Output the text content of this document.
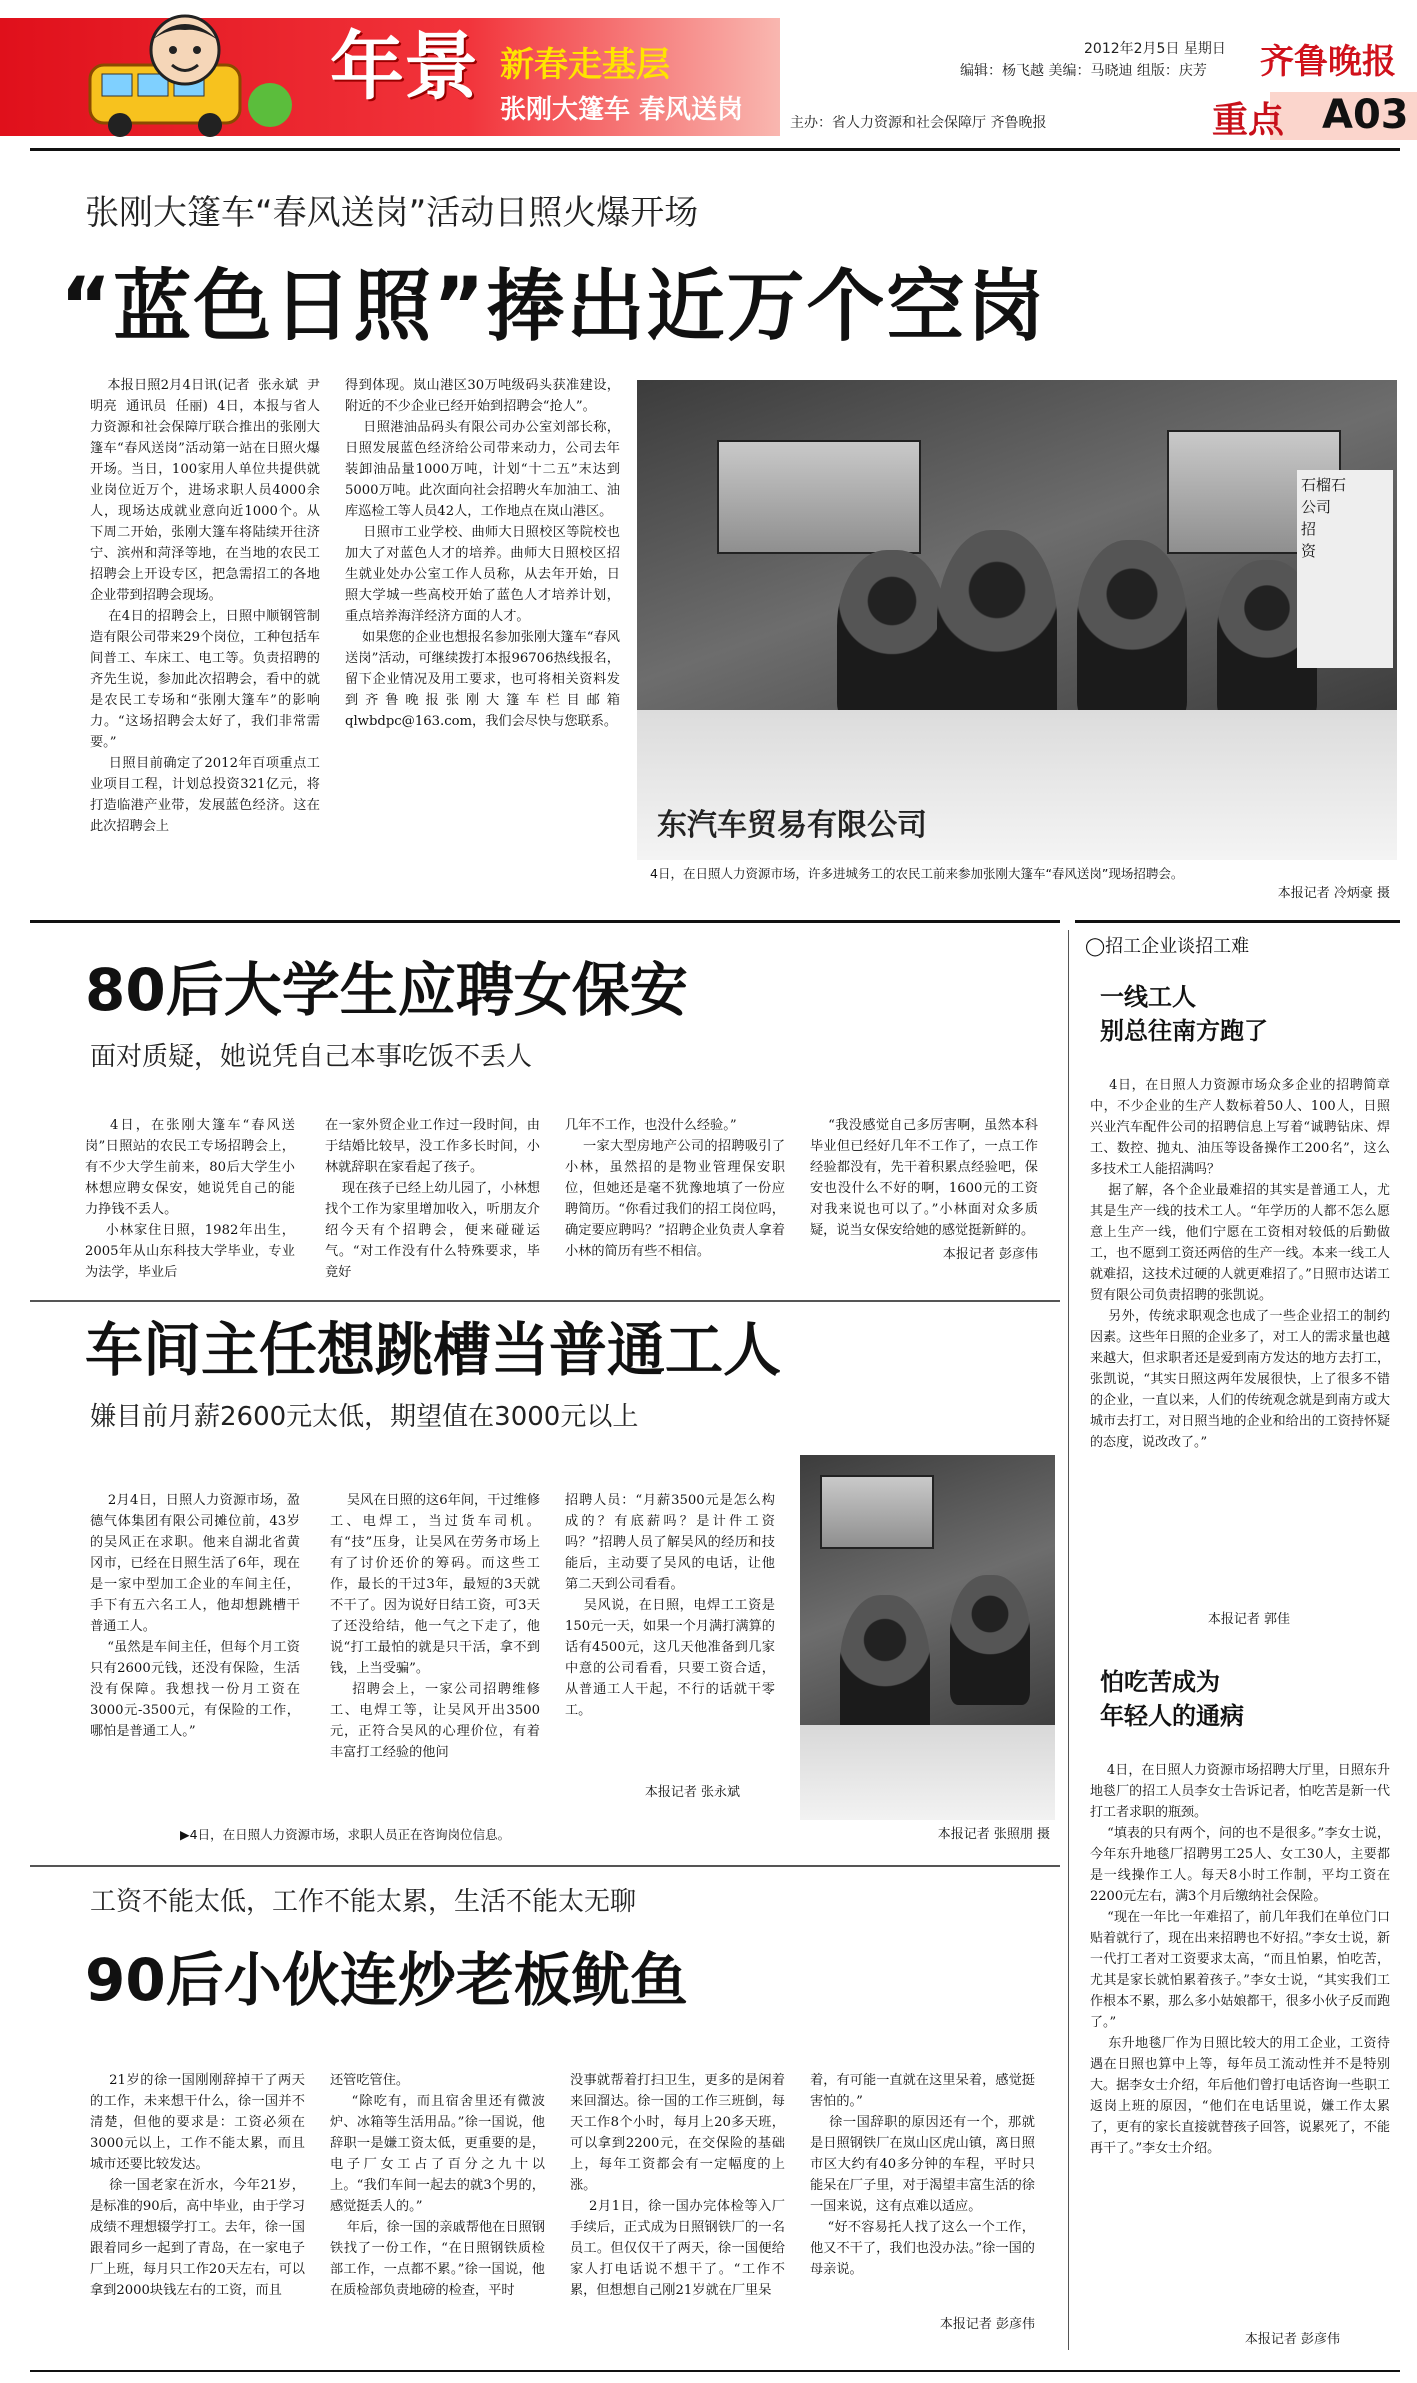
年景 新春走基层
张刚大篷车 春风送岗	主办：省人力资源和社会保障厅 齐鲁晚报
2012年2月5日 星期日
编辑：杨飞越 美编：马晓迪 组版：庆芳 齐鲁晚报
重点 A03
张刚大篷车“春风送岗”活动日照火爆开场
“蓝色日照”捧出近万个空岗
本报日照2月4日讯(记者  张永斌  尹明亮  通讯员  任丽)  4日，本报与省人力资源和社会保障厅联合推出的张刚大篷车“春风送岗”活动第一站在日照火爆开场。当日，100家用人单位共提供就业岗位近万个，进场求职人员4000余人，现场达成就业意向近1000个。从下周二开始，张刚大篷车将陆续开往济宁、滨州和菏泽等地，在当地的农民工招聘会上开设专区，把急需招工的各地企业带到招聘会现场。
在4日的招聘会上，日照中顺钢管制造有限公司带来29个岗位，工种包括车间普工、车床工、电工等。负责招聘的齐先生说，参加此次招聘会，看中的就是农民工专场和“张刚大篷车”的影响力。“这场招聘会太好了，我们非常需要。”
日照目前确定了2012年百项重点工业项目工程，计划总投资321亿元，将打造临港产业带，发展蓝色经济。这在此次招聘会上
得到体现。岚山港区30万吨级码头获准建设，附近的不少企业已经开始到招聘会“抢人”。
日照港油品码头有限公司办公室刘部长称，日照发展蓝色经济给公司带来动力，公司去年装卸油品量1000万吨，计划“十二五”末达到5000万吨。此次面向社会招聘火车加油工、油库巡检工等人员42人，工作地点在岚山港区。
日照市工业学校、曲师大日照校区等院校也加大了对蓝色人才的培养。曲师大日照校区招生就业处办公室工作人员称，从去年开始，日照大学城一些高校开始了蓝色人才培养计划，重点培养海洋经济方面的人才。
如果您的企业也想报名参加张刚大篷车“春风送岗”活动，可继续拨打本报96706热线报名，留下企业情况及用工要求，也可将相关资料发到齐鲁晚报张刚大篷车栏目邮箱qlwbdpc@163.com，我们会尽快与您联系。
东汽车贸易有限公司
石榴石
公司
招
资
4日，在日照人力资源市场，许多进城务工的农民工前来参加张刚大篷车“春风送岗”现场招聘会。
本报记者 冷炳豪 摄
80后大学生应聘女保安
面对质疑，她说凭自己本事吃饭不丢人
4日，在张刚大篷车“春风送岗”日照站的农民工专场招聘会上，有不少大学生前来，80后大学生小林想应聘女保安，她说凭自己的能力挣钱不丢人。
小林家住日照，1982年出生，2005年从山东科技大学毕业，专业为法学，毕业后
在一家外贸企业工作过一段时间，由于结婚比较早，没工作多长时间，小林就辞职在家看起了孩子。
现在孩子已经上幼儿园了，小林想找个工作为家里增加收入，听朋友介绍今天有个招聘会，便来碰碰运气。“对工作没有什么特殊要求，毕竟好
几年不工作，也没什么经验。”
一家大型房地产公司的招聘吸引了小林，虽然招的是物业管理保安职位，但她还是毫不犹豫地填了一份应聘简历。“你看过我们的招工岗位吗，确定要应聘吗？”招聘企业负责人拿着小林的简历有些不相信。
“我没感觉自己多厉害啊，虽然本科毕业但已经好几年不工作了，一点工作经验都没有，先干着积累点经验吧，保安也没什么不好的啊，1600元的工资对我来说也可以了。”小林面对众多质疑，说当女保安给她的感觉挺新鲜的。
本报记者 彭彦伟
车间主任想跳槽当普通工人
嫌目前月薪2600元太低，期望值在3000元以上
2月4日，日照人力资源市场，盈德气体集团有限公司摊位前，43岁的吴风正在求职。他来自湖北省黄冈市，已经在日照生活了6年，现在是一家中型加工企业的车间主任，手下有五六名工人，他却想跳槽干普通工人。
“虽然是车间主任，但每个月工资只有2600元钱，还没有保险，生活没有保障。我想找一份月工资在3000元-3500元，有保险的工作，哪怕是普通工人。”
吴风在日照的这6年间，干过维修工、电焊工，当过货车司机。有“技”压身，让吴风在劳务市场上有了讨价还价的筹码。而这些工作，最长的干过3年，最短的3天就不干了。因为说好日结工资，可3天了还没给结，他一气之下走了，他说“打工最怕的就是只干活，拿不到钱，上当受骗”。
招聘会上，一家公司招聘维修工、电焊工等，让吴风开出3500元，正符合吴风的心理价位，有着丰富打工经验的他问
招聘人员：“月薪3500元是怎么构成的？有底薪吗？是计件工资吗？”招聘人员了解吴风的经历和技能后，主动要了吴风的电话，让他第二天到公司看看。
吴风说，在日照，电焊工工资是150元一天，如果一个月满打满算的话有4500元，这几天他准备到几家中意的公司看看，只要工资合适，从普通工人干起，不行的话就干零工。
本报记者 张永斌
▶4日，在日照人力资源市场，求职人员正在咨询岗位信息。	本报记者 张照朋 摄
工资不能太低，工作不能太累，生活不能太无聊
90后小伙连炒老板鱿鱼
21岁的徐一国刚刚辞掉干了两天的工作，未来想干什么，徐一国并不清楚，但他的要求是：工资必须在3000元以上，工作不能太累，而且城市还要比较发达。
徐一国老家在沂水，今年21岁，是标准的90后，高中毕业，由于学习成绩不理想辍学打工。去年，徐一国跟着同乡一起到了青岛，在一家电子厂上班，每月只工作20天左右，可以拿到2000块钱左右的工资，而且
还管吃管住。
“除吃有，而且宿舍里还有微波炉、冰箱等生活用品。”徐一国说，他辞职一是嫌工资太低，更重要的是，电子厂女工占了百分之九十以上。“我们车间一起去的就3个男的，感觉挺丢人的。”
年后，徐一国的亲戚帮他在日照钢铁找了一份工作，“在日照钢铁质检部工作，一点都不累。”徐一国说，他在质检部负责地磅的检查，平时
没事就帮着打扫卫生，更多的是闲着来回溜达。徐一国的工作三班倒，每天工作8个小时，每月上20多天班，可以拿到2200元，在交保险的基础上，每年工资都会有一定幅度的上涨。
2月1日，徐一国办完体检等入厂手续后，正式成为日照钢铁厂的一名员工。但仅仅干了两天，徐一国便给家人打电话说不想干了。“工作不累，但想想自己刚21岁就在厂里呆
着，有可能一直就在这里呆着，感觉挺害怕的。”
徐一国辞职的原因还有一个，那就是日照钢铁厂在岚山区虎山镇，离日照市区大约有40多分钟的车程，平时只能呆在厂子里，对于渴望丰富生活的徐一国来说，这有点难以适应。
“好不容易托人找了这么一个工作，他又不干了，我们也没办法。”徐一国的母亲说。
本报记者 彭彦伟
◯招工企业谈招工难
一线工人
别总往南方跑了
4日，在日照人力资源市场众多企业的招聘简章中，不少企业的生产人数标着50人、100人，日照兴业汽车配件公司的招聘信息上写着“诚聘钻床、焊工、数控、抛丸、油压等设备操作工200名”，这么多技术工人能招满吗？
据了解，各个企业最难招的其实是普通工人，尤其是生产一线的技术工人。“年学历的人都不怎么愿意上生产一线，他们宁愿在工资相对较低的后勤做工，也不愿到工资还两倍的生产一线。本来一线工人就难招，这技术过硬的人就更难招了。”日照市达诺工贸有限公司负责招聘的张凯说。
另外，传统求职观念也成了一些企业招工的制约因素。这些年日照的企业多了，对工人的需求量也越来越大，但求职者还是爱到南方发达的地方去打工，张凯说，“其实日照这两年发展很快，上了很多不错的企业，一直以来，人们的传统观念就是到南方或大城市去打工，对日照当地的企业和给出的工资持怀疑的态度，说改改了。”
本报记者 郭佳
怕吃苦成为
年轻人的通病
4日，在日照人力资源市场招聘大厅里，日照东升地毯厂的招工人员李女士告诉记者，怕吃苦是新一代打工者求职的瓶颈。
“填表的只有两个，问的也不是很多。”李女士说，今年东升地毯厂招聘男工25人、女工30人，主要都是一线操作工人。每天8小时工作制，平均工资在2200元左右，满3个月后缴纳社会保险。
“现在一年比一年难招了，前几年我们在单位门口贴着就行了，现在出来招聘也不好招。”李女士说，新一代打工者对工资要求太高，“而且怕累，怕吃苦，尤其是家长就怕累着孩子。”李女士说，“其实我们工作根本不累，那么多小姑娘都干，很多小伙子反而跑了。”
东升地毯厂作为日照比较大的用工企业，工资待遇在日照也算中上等，每年员工流动性并不是特别大。据李女士介绍，年后他们曾打电话咨询一些职工返岗上班的原因，“他们在电话里说，嫌工作太累了，更有的家长直接就替孩子回答，说累死了，不能再干了。”李女士介绍。
本报记者 彭彦伟
